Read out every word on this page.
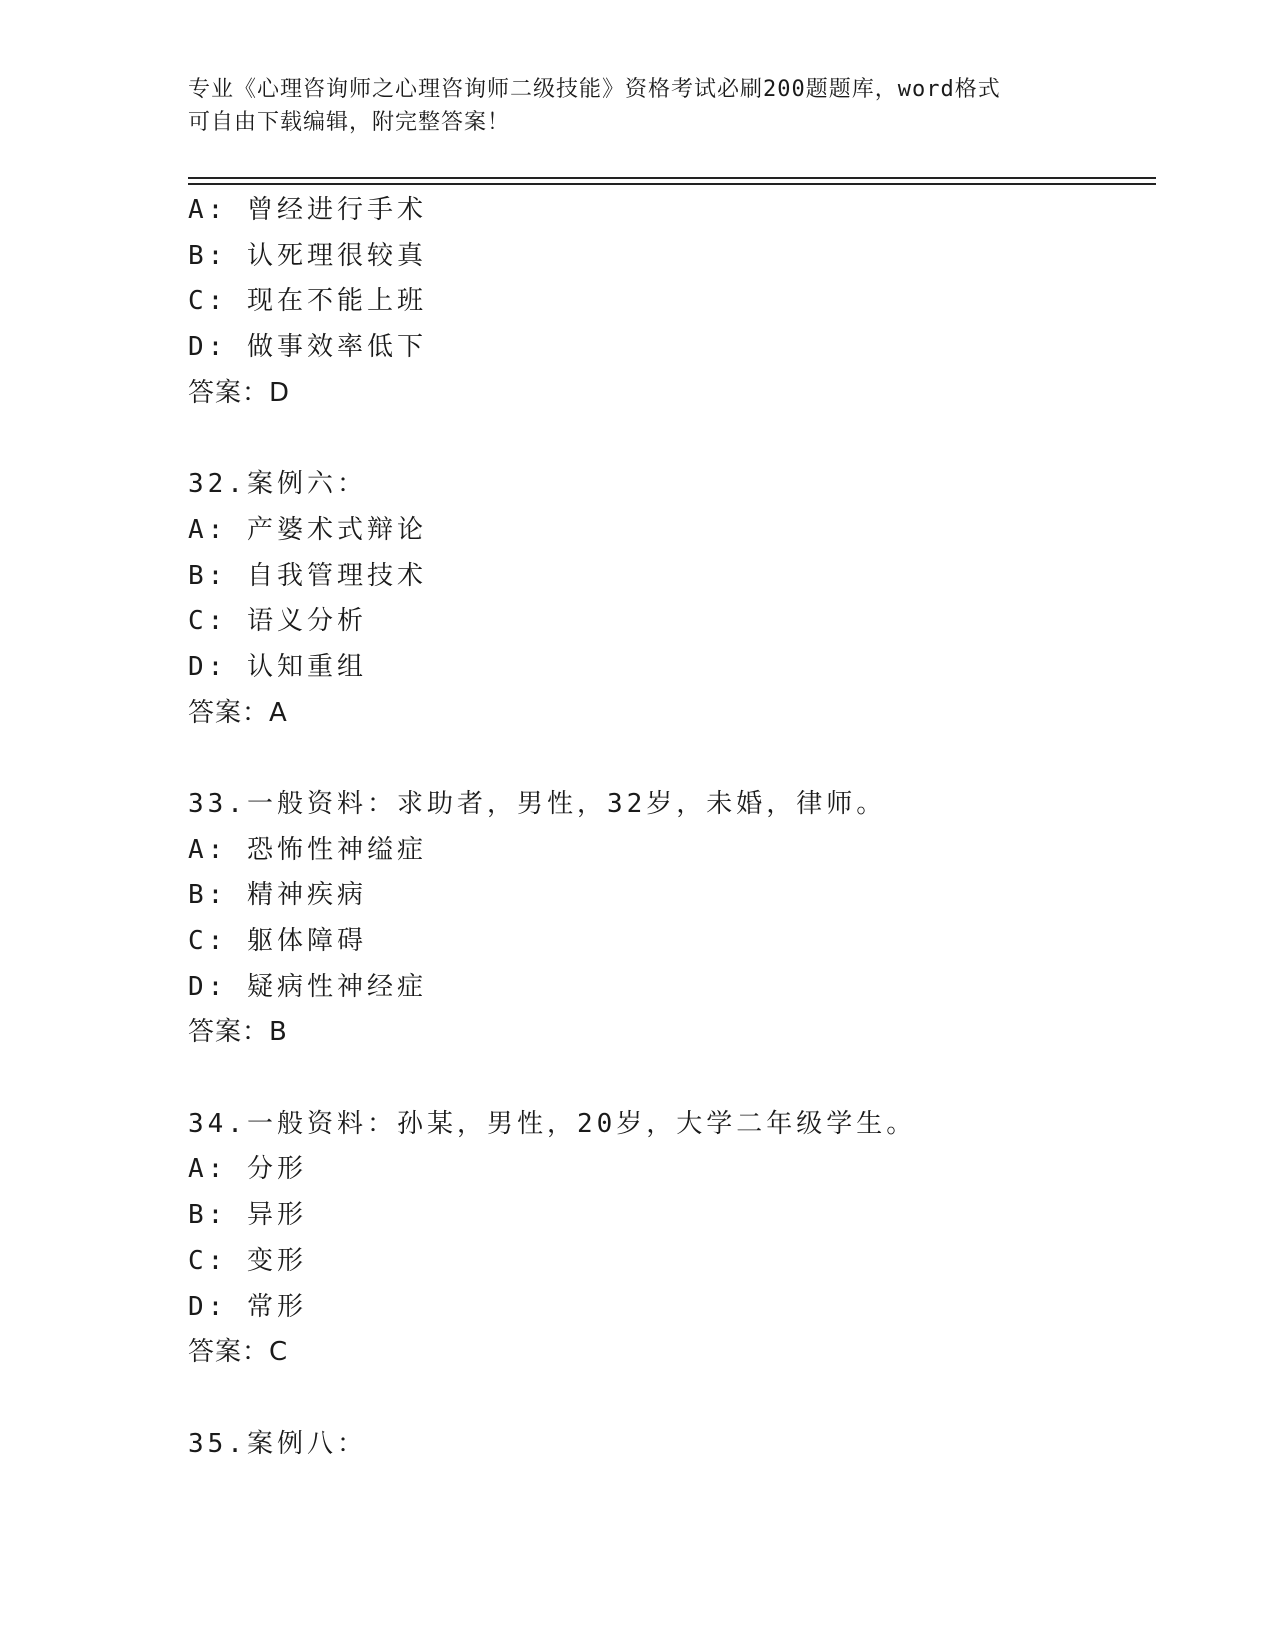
专业《心理咨询师之心理咨询师二级技能》资格考试必刷200题题库，word格式
可自由下载编辑，附完整答案！
A: 曾经进行手术
B: 认死理很较真
C: 现在不能上班
D: 做事效率低下
答案：D
32.案例六：
A: 产婆术式辩论
B: 自我管理技术
C: 语义分析
D: 认知重组
答案：A
33.一般资料：求助者，男性，32岁，未婚，律师。
A: 恐怖性神缢症
B: 精神疾病
C: 躯体障碍
D: 疑病性神经症
答案：B
34.一般资料：孙某，男性，20岁，大学二年级学生。
A: 分形
B: 异形
C: 变形
D: 常形
答案：C
35.案例八：
